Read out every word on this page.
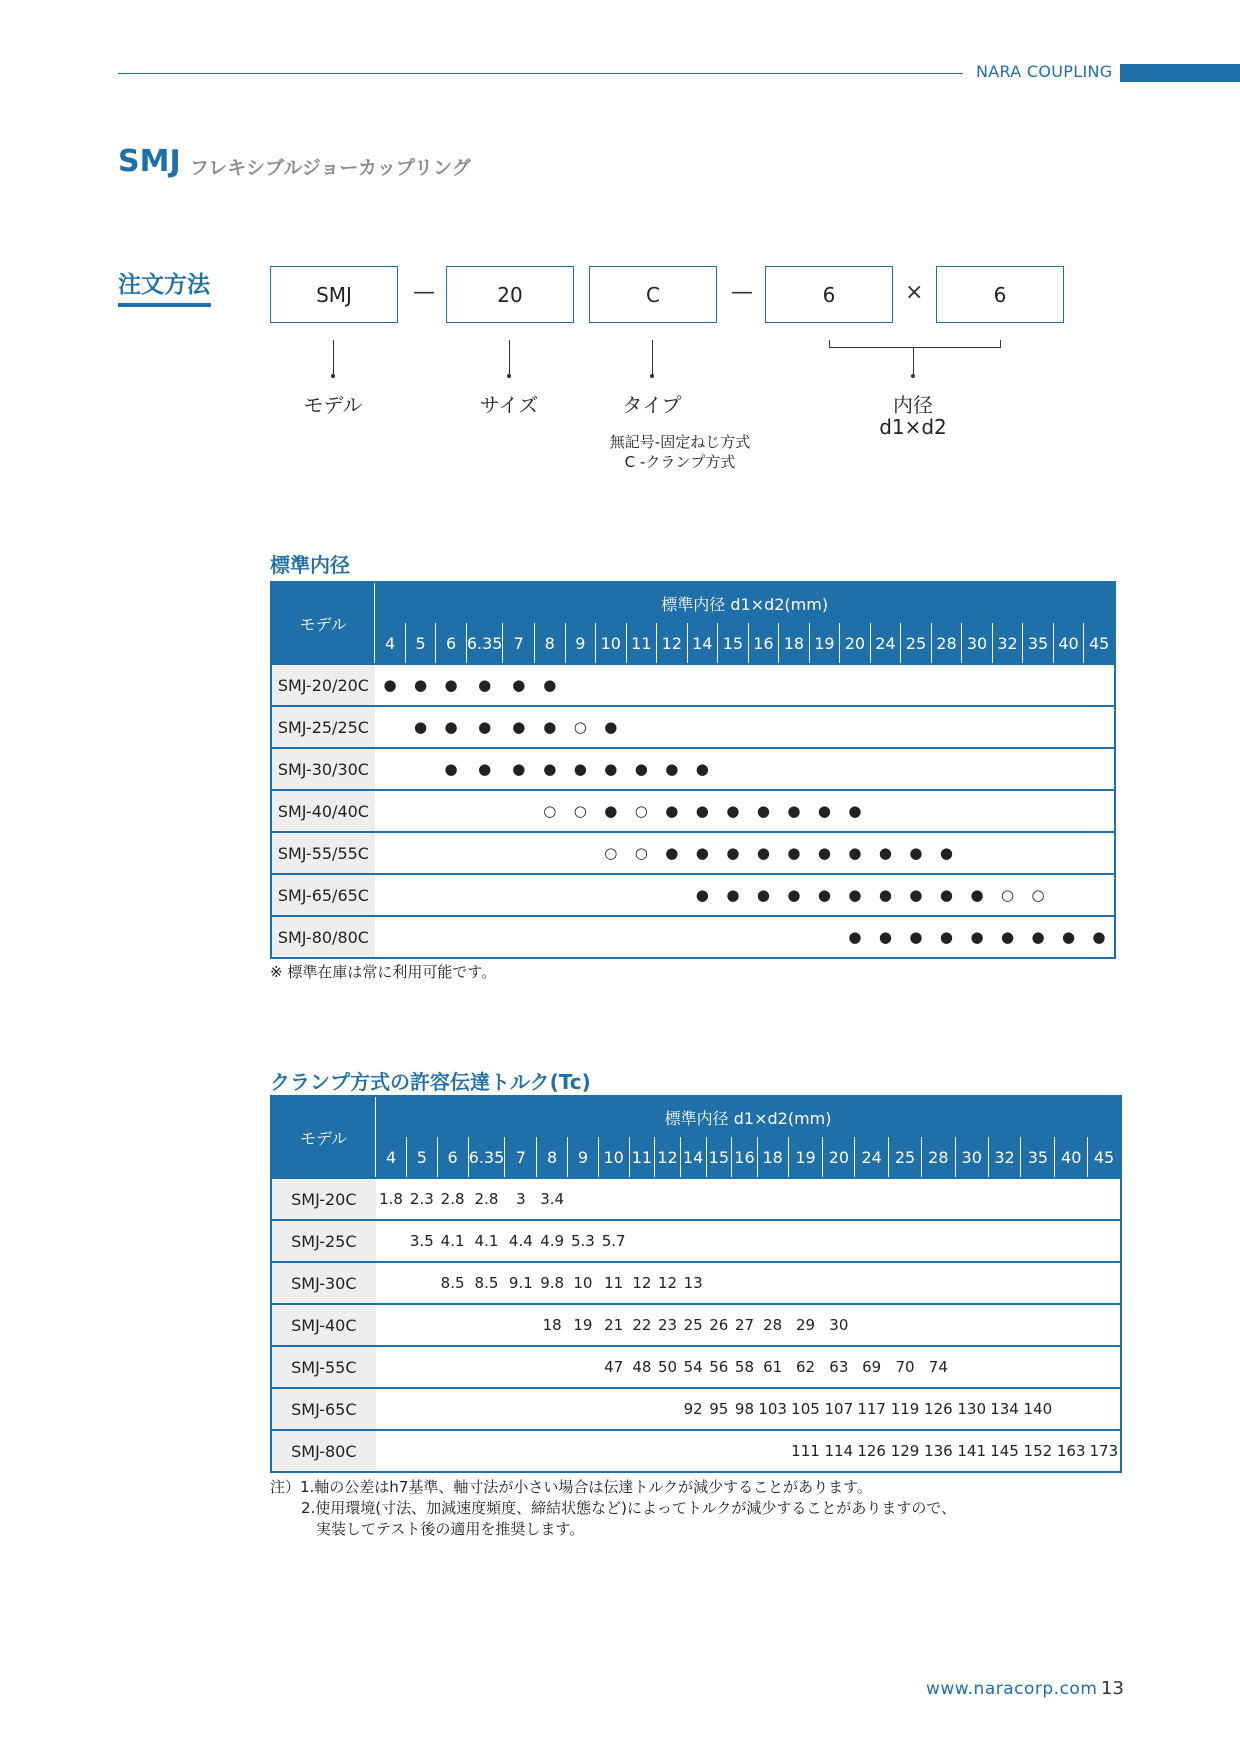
NARA COUPLING
SMJ フレキシブルジョーカップリング
注文方法	SMJ	—	20	C	—	6	×	6
モデル	サイズ	タイプ	内径
d1×d2
無記号-固定ねじ方式
C -クランプ方式
標準内径
モデル	標準内径 d1×d2(mm)																							
	4	5	6	6.35	7	8	9	10	11	12	14	15	16	18	19	20	24	25	28	30	32	35	40	45
SMJ-20/20C	●	●	●	●	●	●																		
SMJ-25/25C		●	●	●	●	●	○	●																
SMJ-30/30C			●	●	●	●	●	●	●	●	●													
SMJ-40/40C						○	○	●	○	●	●	●	●	●	●	●								
SMJ-55/55C								○	○	●	●	●	●	●	●	●	●	●	●					
SMJ-65/65C											●	●	●	●	●	●	●	●	●	●	○	○		
SMJ-80/80C																●	●	●	●	●	●	●	●	●
※ 標準在庫は常に利用可能です。
クランプ方式の許容伝達トルク(Tc)
モデル	標準内径 d1×d2(mm)																							
	4	5	6	6.35	7	8	9	10	11	12	14	15	16	18	19	20	24	25	28	30	32	35	40	45
SMJ-20C	1.8	2.3	2.8	2.8	3	3.4																		
SMJ-25C		3.5	4.1	4.1	4.4	4.9	5.3	5.7																
SMJ-30C			8.5	8.5	9.1	9.8	10	11	12	12	13													
SMJ-40C						18	19	21	22	23	25	26	27	28	29	30								
SMJ-55C								47	48	50	54	56	58	61	62	63	69	70	74					
SMJ-65C											92	95	98	103	105	107	117	119	126	130	134	140		
SMJ-80C															111	114	126	129	136	141	145	152	163	173
注）1.軸の公差はh7基準、軸寸法が小さい場合は伝達トルクが減少することがあります。
2.使用環境(寸法、加減速度頻度、締結状態など)によってトルクが減少することがありますので、
実装してテスト後の適用を推奨します。
www.naracorp.com 13
